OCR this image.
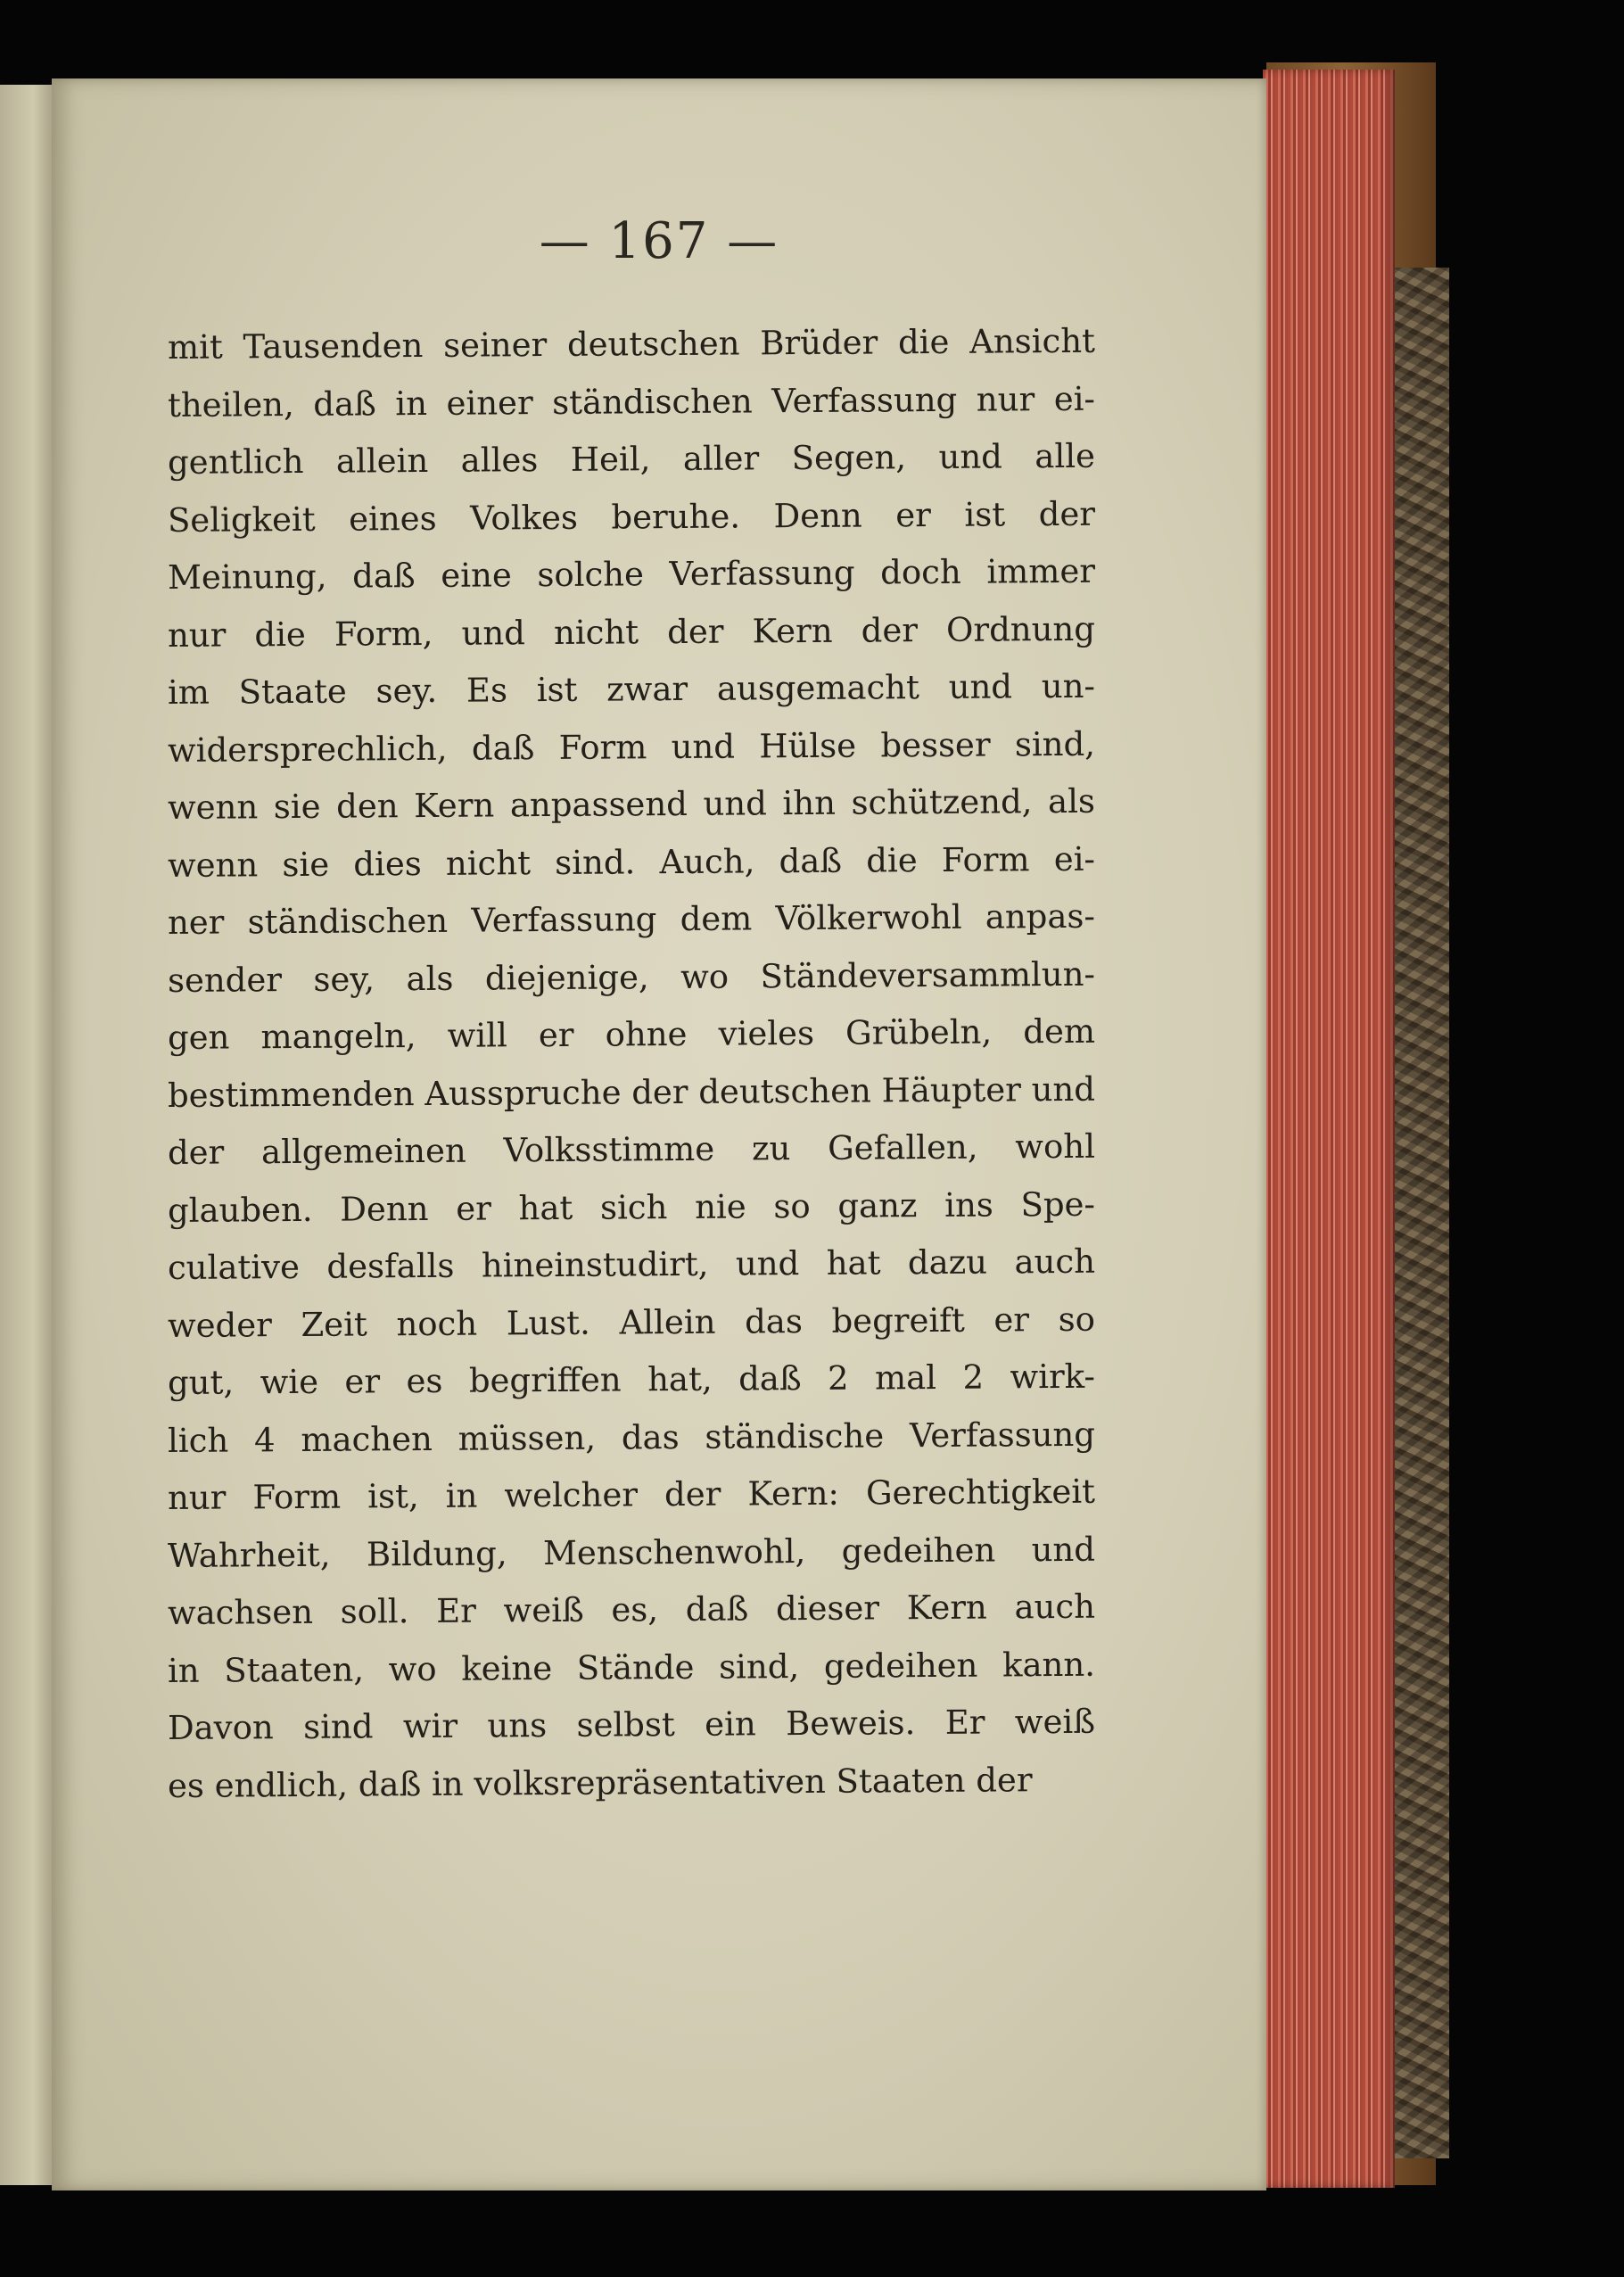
— 167 —
mit Tausenden seiner deutschen Brüder die Ansicht
theilen, daß in einer ständischen Verfassung nur ei-
gentlich allein alles Heil, aller Segen, und alle
Seligkeit eines Volkes beruhe. Denn er ist der
Meinung, daß eine solche Verfassung doch immer
nur die Form, und nicht der Kern der Ordnung
im Staate sey. Es ist zwar ausgemacht und un-
widersprechlich, daß Form und Hülse besser sind,
wenn sie den Kern anpassend und ihn schützend, als
wenn sie dies nicht sind. Auch, daß die Form ei-
ner ständischen Verfassung dem Völkerwohl anpas-
sender sey, als diejenige, wo Ständeversammlun-
gen mangeln, will er ohne vieles Grübeln, dem
bestimmenden Ausspruche der deutschen Häupter und
der allgemeinen Volksstimme zu Gefallen, wohl
glauben. Denn er hat sich nie so ganz ins Spe-
culative desfalls hineinstudirt, und hat dazu auch
weder Zeit noch Lust. Allein das begreift er so
gut, wie er es begriffen hat, daß 2 mal 2 wirk-
lich 4 machen müssen, das ständische Verfassung
nur Form ist, in welcher der Kern: Gerechtigkeit
Wahrheit, Bildung, Menschenwohl, gedeihen und
wachsen soll. Er weiß es, daß dieser Kern auch
in Staaten, wo keine Stände sind, gedeihen kann.
Davon sind wir uns selbst ein Beweis. Er weiß
es endlich, daß in volksrepräsentativen Staaten der
